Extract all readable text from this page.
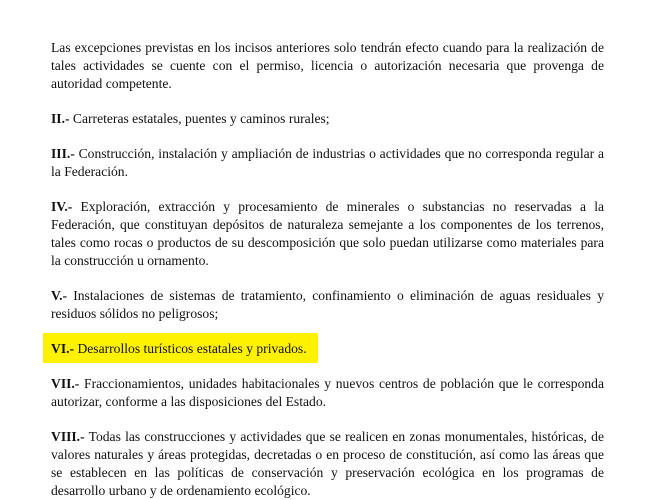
Las excepciones previstas en los incisos anteriores solo tendrán efecto cuando para la realización de tales actividades se cuente con el permiso, licencia o autorización necesaria que provenga de autoridad competente.

II.- Carreteras estatales, puentes y caminos rurales;

III.- Construcción, instalación y ampliación de industrias o actividades que no corresponda regular a la Federación.

IV.- Exploración, extracción y procesamiento de minerales o substancias no reservadas a la Federación, que constituyan depósitos de naturaleza semejante a los componentes de los terrenos, tales como rocas o productos de su descomposición que solo puedan utilizarse como materiales para la construcción u ornamento.

V.- Instalaciones de sistemas de tratamiento, confinamiento o eliminación de aguas residuales y residuos sólidos no peligrosos;

VI.- Desarrollos turísticos estatales y privados.

VII.- Fraccionamientos, unidades habitacionales y nuevos centros de población que le corresponda autorizar, conforme a las disposiciones del Estado.

VIII.- Todas las construcciones y actividades que se realicen en zonas monumentales, históricas, de valores naturales y áreas protegidas, decretadas o en proceso de constitución, así como las áreas que se establecen en las políticas de conservación y preservación ecológica en los programas de desarrollo urbano y de ordenamiento ecológico.
